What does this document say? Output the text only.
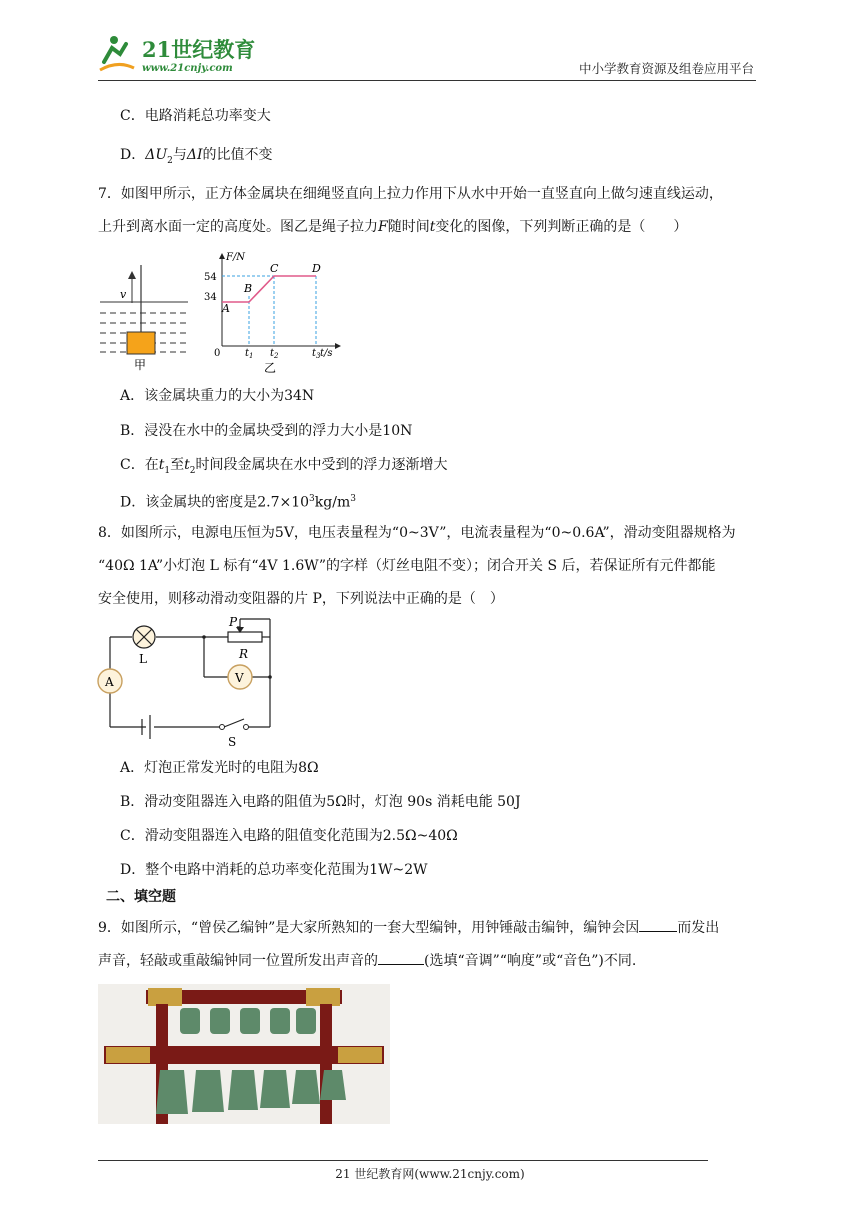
21世纪教育
www.21cnjy.com	中小学教育资源及组卷应用平台
C．电路消耗总功率变大
D．$\Delta U_2$与ΔI的比值不变
7．如图甲所示，正方体金属块在细绳竖直向上拉力作用下从水中开始一直竖直向上做匀速直线运动，
上升到离水面一定的高度处。图乙是绳子拉力F随时间t变化的图像，下列判断正确的是（　　）
v
甲
F/N
t/s
0
54
34
A
B
C	D
$t_1$ $t_2$	$t_3$
乙
A．该金属块重力的大小为34N
B．浸没在水中的金属块受到的浮力大小是10N
C．在$t_1$至$t_2$时间段金属块在水中受到的浮力逐渐增大
D．该金属块的密度是$2.7\times 10^3kg/m^3$
8．如图所示，电源电压恒为5V，电压表量程为“0~3V”，电流表量程为“0~0.6A”，滑动变阻器规格为
“40Ω 1A”小灯泡 L 标有“4V 1.6W”的字样（灯丝电阻不变）；闭合开关 S 后，若保证所有元件都能
安全使用，则移动滑动变阻器的片 P，下列说法中正确的是（　）
A	V
L
P
R
S
A．灯泡正常发光时的电阻为8Ω
B．滑动变阻器连入电路的阻值为5Ω时，灯泡 90s 消耗电能 50J
C．滑动变阻器连入电路的阻值变化范围为2.5Ω~40Ω
D．整个电路中消耗的总功率变化范围为1W~2W
二、填空题
9．如图所示，“曾侯乙编钟”是大家所熟知的一套大型编钟，用钟锤敲击编钟，编钟会因	而发出
声音，轻敲或重敲编钟同一位置所发出声音的	(选填“音调”“响度”或“音色”)不同.
21 世纪教育网(www.21cnjy.com)
